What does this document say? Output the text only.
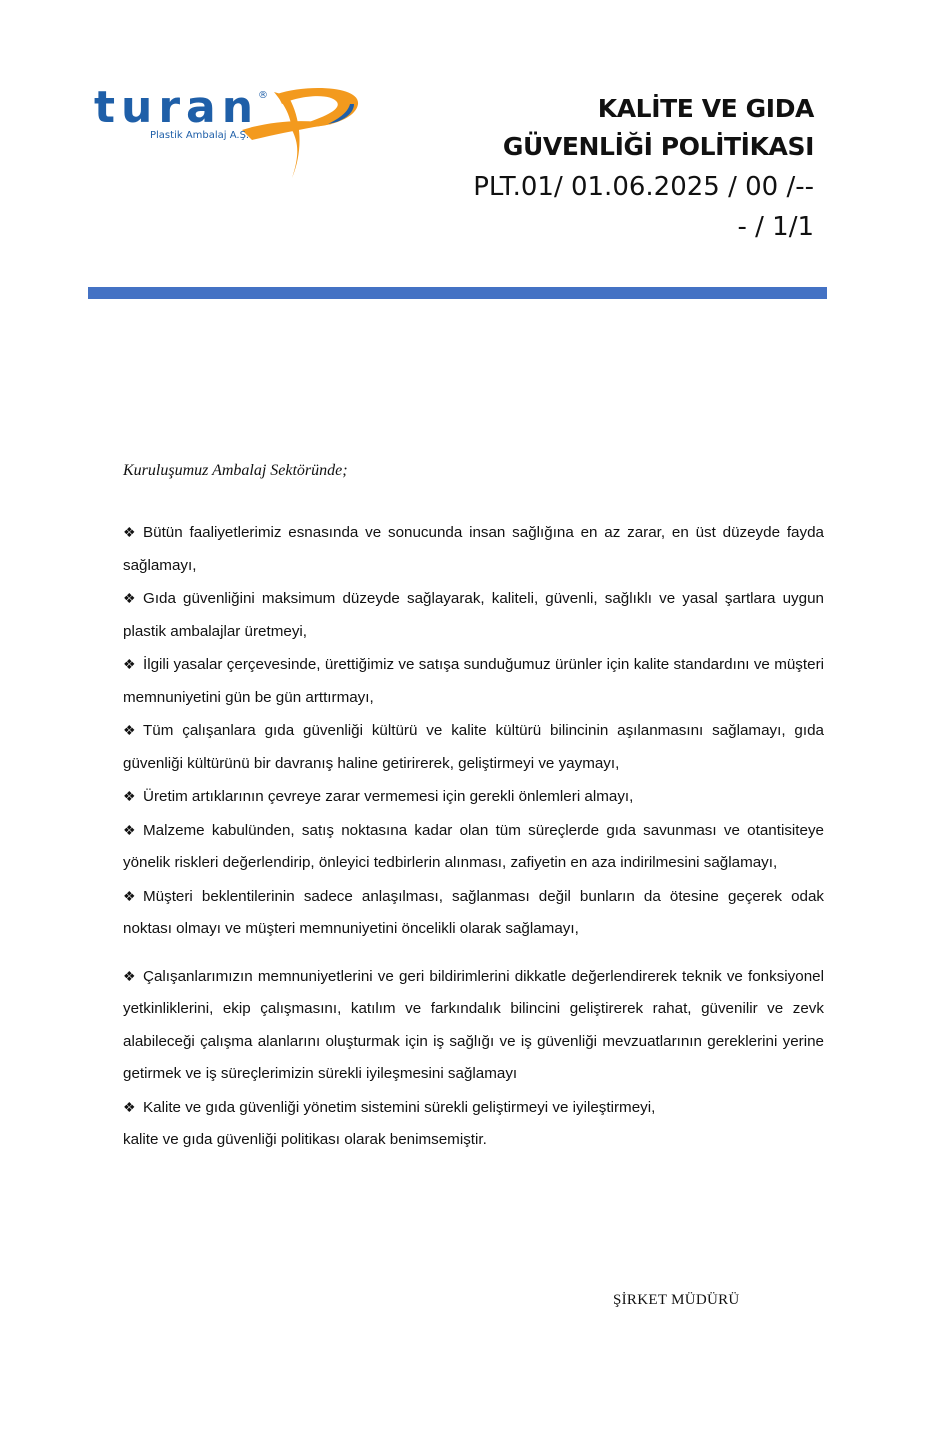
turan
®
Plastik Ambalaj A.Ş.
KALİTE VE GIDA
GÜVENLİĞİ POLİTİKASI
PLT.01/ 01.06.2025 / 00 /--
- / 1/1

Kuruluşumuz Ambalaj Sektöründe;

❖ Bütün faaliyetlerimiz esnasında ve sonucunda insan sağlığına en az zarar, en üst düzeyde fayda sağlamayı,

❖ Gıda güvenliğini maksimum düzeyde sağlayarak, kaliteli, güvenli, sağlıklı ve yasal şartlara uygun plastik ambalajlar üretmeyi,

❖ İlgili yasalar çerçevesinde, ürettiğimiz ve satışa sunduğumuz ürünler için kalite standardını ve müşteri memnuniyetini gün be gün arttırmayı,

❖ Tüm çalışanlara gıda güvenliği kültürü ve kalite kültürü bilincinin aşılanmasını sağlamayı, gıda güvenliği kültürünü bir davranış haline getirirerek, geliştirmeyi ve yaymayı,

❖ Üretim artıklarının çevreye zarar vermemesi için gerekli önlemleri almayı,

❖ Malzeme kabulünden, satış noktasına kadar olan tüm süreçlerde gıda savunması ve otantisiteye yönelik riskleri değerlendirip, önleyici tedbirlerin alınması, zafiyetin en aza indirilmesini sağlamayı,

❖ Müşteri beklentilerinin sadece anlaşılması, sağlanması değil bunların da ötesine geçerek odak noktası olmayı ve müşteri memnuniyetini öncelikli olarak sağlamayı,

❖ Çalışanlarımızın memnuniyetlerini ve geri bildirimlerini dikkatle değerlendirerek teknik ve fonksiyonel yetkinliklerini, ekip çalışmasını, katılım ve farkındalık bilincini geliştirerek rahat, güvenilir ve zevk alabileceği çalışma alanlarını oluşturmak için iş sağlığı ve iş güvenliği mevzuatlarının gereklerini yerine getirmek ve iş süreçlerimizin sürekli iyileşmesini sağlamayı

❖ Kalite ve gıda güvenliği yönetim sistemini sürekli geliştirmeyi ve iyileştirmeyi,

kalite ve gıda güvenliği politikası olarak benimsemiştir.

ŞİRKET MÜDÜRÜ
